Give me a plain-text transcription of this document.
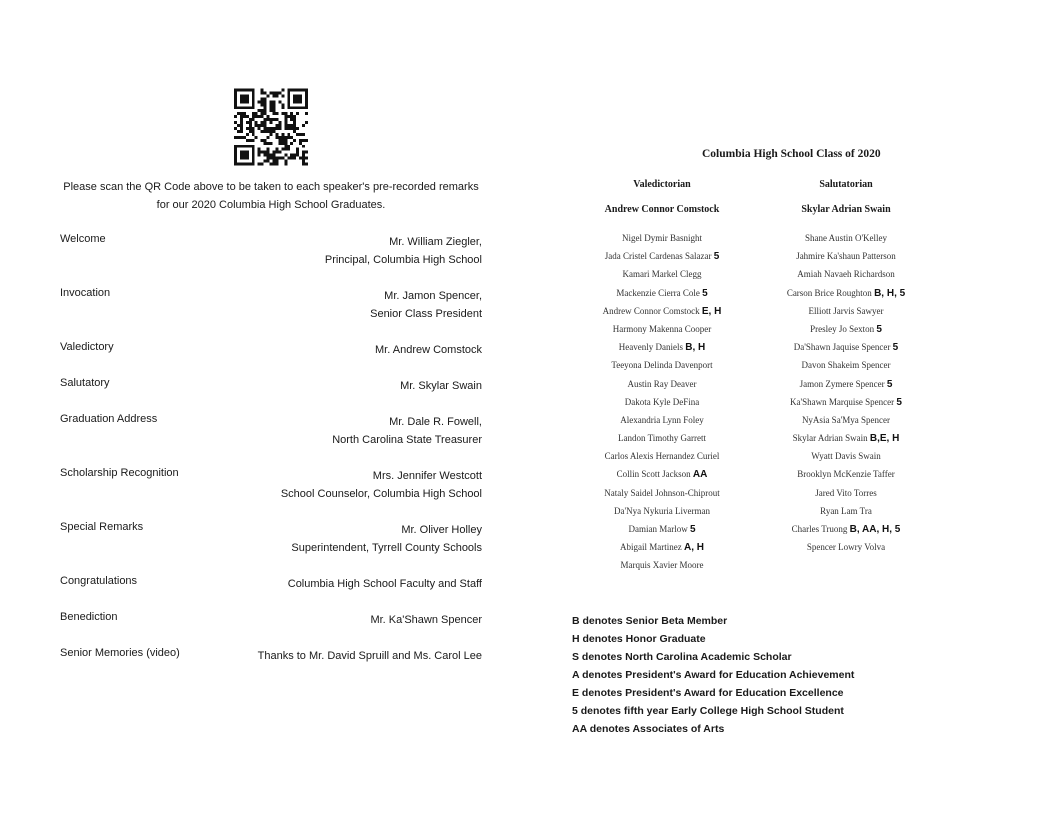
Please scan the QR Code above to be taken to each speaker's pre-recorded remarks
for our 2020 Columbia High School Graduates.
Welcome	Mr. William Ziegler,
Principal, Columbia High School
Invocation	Mr. Jamon Spencer,
Senior Class President
Valedictory	Mr. Andrew Comstock
Salutatory	Mr. Skylar Swain
Graduation Address	Mr. Dale R. Fowell,
North Carolina State Treasurer
Scholarship Recognition	Mrs. Jennifer Westcott
School Counselor, Columbia High School
Special Remarks	Mr. Oliver Holley
Superintendent, Tyrrell County Schools
Congratulations	Columbia High School Faculty and Staff
Benediction	Mr. Ka'Shawn Spencer
Senior Memories (video)	Thanks to Mr. David Spruill and Ms. Carol Lee
Columbia High School Class of 2020
Valedictorian
Andrew Connor Comstock
Nigel Dymir Basnight
Jada Cristel Cardenas Salazar 5
Kamari Markel Clegg
Mackenzie Cierra Cole 5
Andrew Connor Comstock E, H
Harmony Makenna Cooper
Heavenly Daniels B, H
Teeyona Delinda Davenport
Austin Ray Deaver
Dakota Kyle DeFina
Alexandria Lynn Foley
Landon Timothy Garrett
Carlos Alexis Hernandez Curiel
Collin Scott Jackson AA
Nataly Saidel Johnson-Chiprout
Da'Nya Nykuria Liverman
Damian Marlow 5
Abigail Martinez A, H
Marquis Xavier Moore
Salutatorian
Skylar Adrian Swain
Shane Austin O'Kelley
Jahmire Ka'shaun Patterson
Amiah Navaeh Richardson
Carson Brice Roughton B, H, 5
Elliott Jarvis Sawyer
Presley Jo Sexton 5
Da'Shawn Jaquise Spencer 5
Davon Shakeim Spencer
Jamon Zymere Spencer 5
Ka'Shawn Marquise Spencer 5
NyAsia Sa'Mya Spencer
Skylar Adrian Swain B,E, H
Wyatt Davis Swain
Brooklyn McKenzie Taffer
Jared Vito Torres
Ryan Lam Tra
Charles Truong B, AA, H, 5
Spencer Lowry Volva
B denotes Senior Beta Member
H denotes Honor Graduate
S denotes North Carolina Academic Scholar
A denotes President's Award for Education Achievement
E denotes President's Award for Education Excellence
5 denotes fifth year Early College High School Student
AA denotes Associates of Arts
